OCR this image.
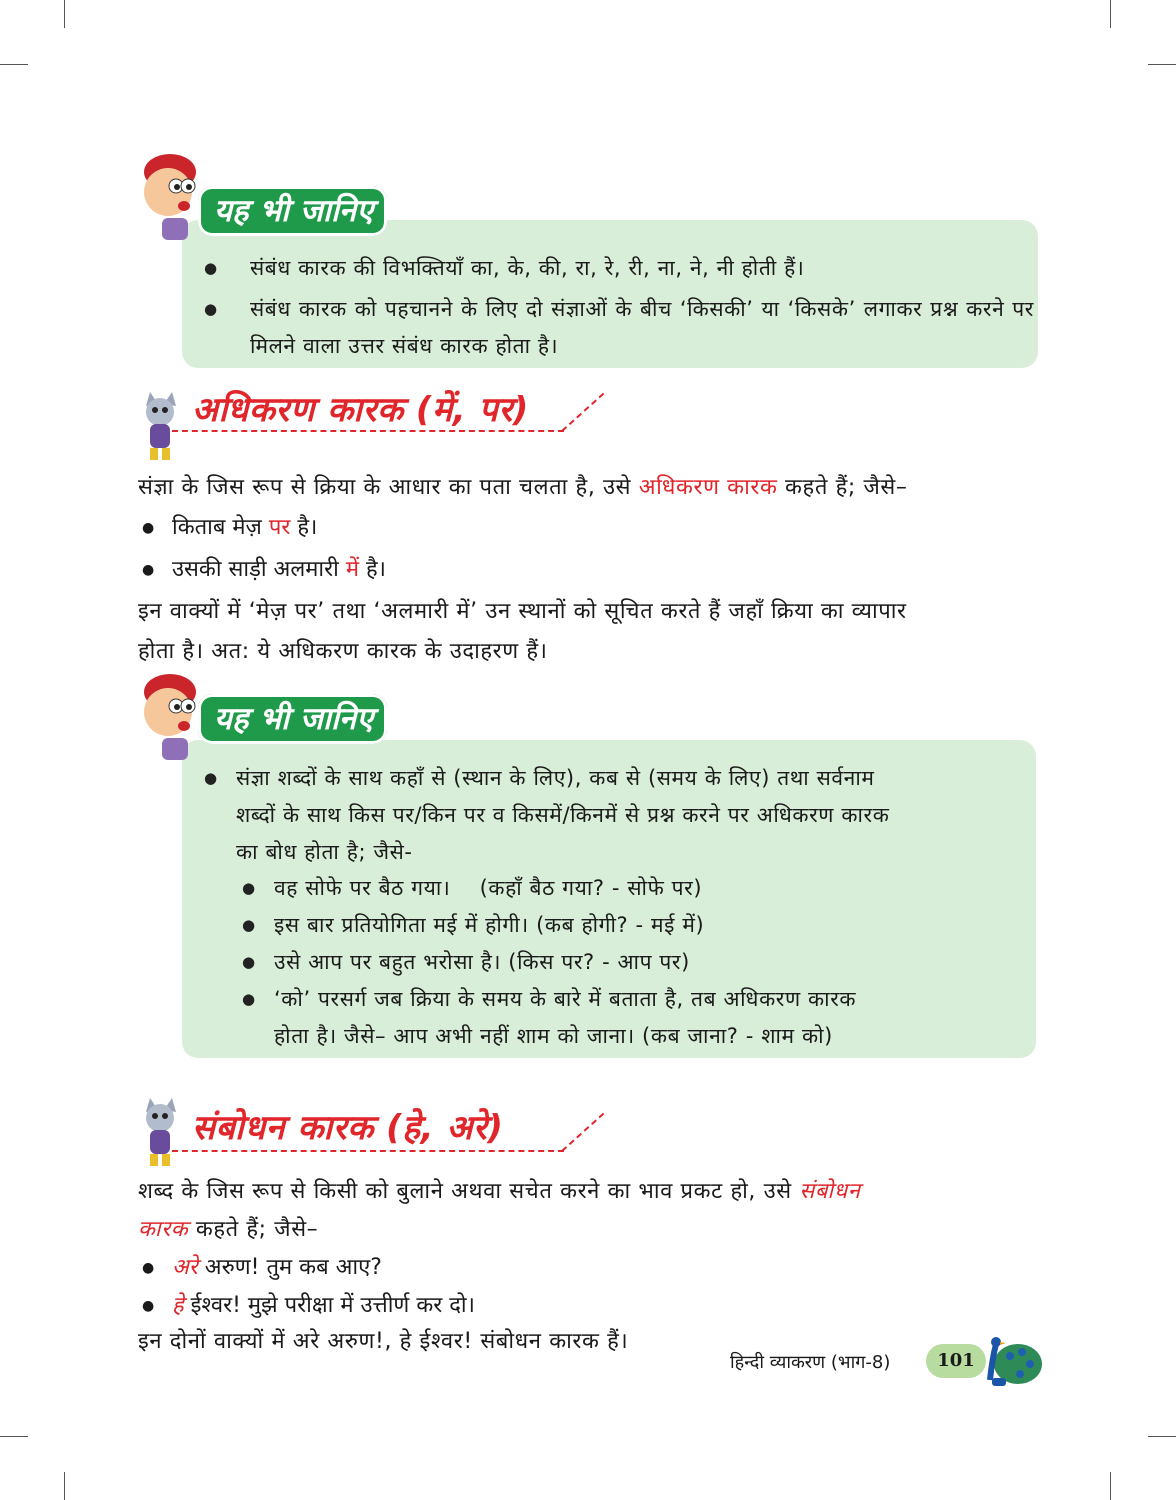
यह भी जानिए
● संबंध कारक की विभक्तियाँ का, के, की, रा, रे, री, ना, ने, नी होती हैं।
● संबंध कारक को पहचानने के लिए दो संज्ञाओं के बीच ‘किसकी’ या ‘किसके’ लगाकर प्रश्न करने पर मिलने वाला उत्तर संबंध कारक होता है।
अधिकरण कारक (में, पर)
संज्ञा के जिस रूप से क्रिया के आधार का पता चलता है, उसे अधिकरण कारक कहते हैं; जैसे–
● किताब मेज़ पर है।
● उसकी साड़ी अलमारी में है।
इन वाक्यों में ‘मेज़ पर’ तथा ‘अलमारी में’ उन स्थानों को सूचित करते हैं जहाँ क्रिया का व्यापार
होता है। अत: ये अधिकरण कारक के उदाहरण हैं।
यह भी जानिए
● संज्ञा शब्दों के साथ कहाँ से (स्थान के लिए), कब से (समय के लिए) तथा सर्वनाम
शब्दों के साथ किस पर/किन पर व किसमें/किनमें से प्रश्न करने पर अधिकरण कारक
का बोध होता है; जैसे-
● वह सोफे पर बैठ गया।    (कहाँ बैठ गया? - सोफे पर)
● इस बार प्रतियोगिता मई में होगी। (कब होगी? - मई में)
● उसे आप पर बहुत भरोसा है। (किस पर? - आप पर)
● ‘को’ परसर्ग जब क्रिया के समय के बारे में बताता है, तब अधिकरण कारक
होता है। जैसे– आप अभी नहीं शाम को जाना। (कब जाना? - शाम को)
संबोधन कारक (हे, अरे)
शब्द के जिस रूप से किसी को बुलाने अथवा सचेत करने का भाव प्रकट हो, उसे संबोधन
कारक कहते हैं; जैसे–
● अरे अरुण! तुम कब आए?
● हे ईश्वर! मुझे परीक्षा में उत्तीर्ण कर दो।
इन दोनों वाक्यों में अरे अरुण!, हे ईश्वर! संबोधन कारक हैं।
हिन्दी व्याकरण (भाग-8)	101
